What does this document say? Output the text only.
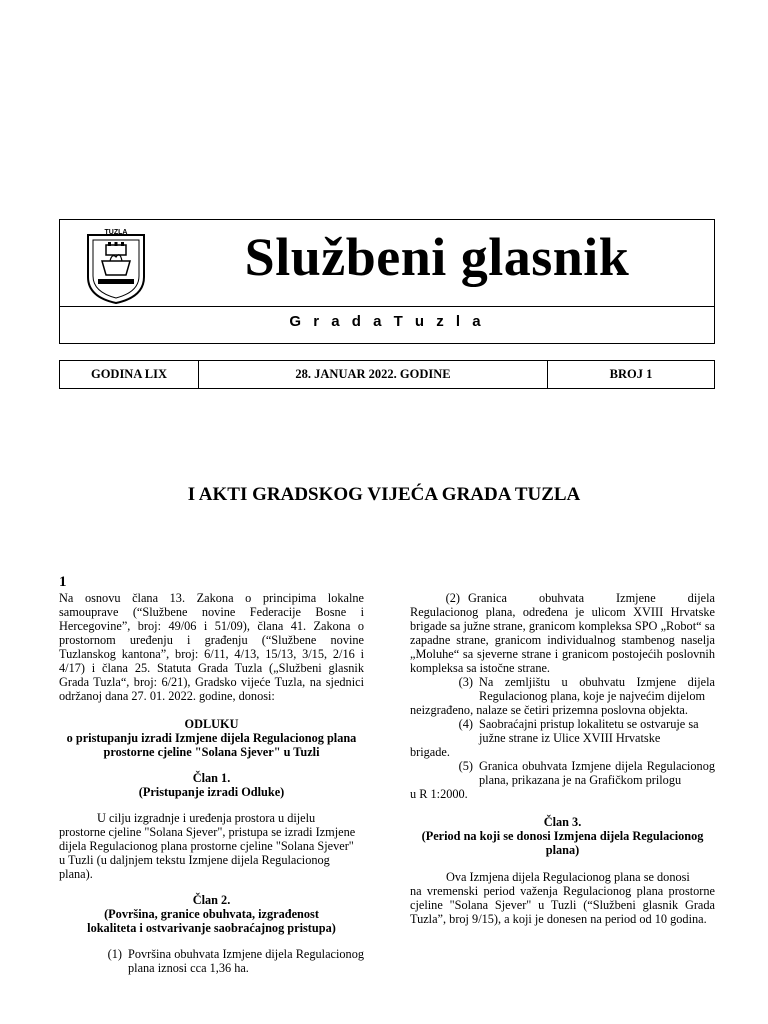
TUZLA	Službeni glasnik
G r a d a T u z l a
GODINA LIX	28. JANUAR 2022. GODINE	BROJ 1
I AKTI GRADSKOG VIJEĆA GRADA TUZLA
1

Na osnovu člana 13. Zakona o principima lokalne samouprave (“Službene novine Federacije Bosne i Hercegovine”, broj: 49/06 i 51/09), člana 41. Zakona o prostornom uređenju i građenju (“Službene novine Tuzlanskog kantona”, broj: 6/11, 4/13, 15/13, 3/15, 2/16 i 4/17) i člana 25. Statuta Grada Tuzla („Službeni glasnik Grada Tuzla“, broj: 6/21), Gradsko vijeće Tuzla, na sjednici održanoj dana 27. 01. 2022. godine, donosi:

ODLUKU
o pristupanju izradi Izmjene dijela Regulacionog plana
prostorne cjeline "Solana Sjever" u Tuzli
Član 1.
(Pristupanje izradi Odluke)
U cilju izgradnje i uređenja prostora u dijelu
prostorne cjeline "Solana Sjever", pristupa se izradi Izmjene dijela Regulacionog plana prostorne cjeline "Solana Sjever" u Tuzli (u daljnjem tekstu Izmjene dijela Regulacionog plana).
Član 2.
(Površina, granice obuhvata, izgrađenost
lokaliteta i ostvarivanje saobraćajnog pristupa)
(1) Površina obuhvata Izmjene dijela Regulacionog plana iznosi cca 1,36 ha.
(2) Granica obuhvata Izmjene dijela

Regulacionog plana, određena je ulicom XVIII Hrvatske brigade sa južne strane, granicom kompleksa SPO „Robot“ sa zapadne strane, granicom individualnog stambenog naselja „Moluhe“ sa sjeverne strane i granicom postojećih poslovnih kompleksa sa istočne strane.

(3) Na zemljištu u obuhvatu Izmjene dijela Regulacionog plana, koje je najvećim dijelom
neizgrađeno, nalaze se četiri prizemna poslovna objekta.
(4) Saobraćajni pristup lokalitetu se ostvaruje sa južne strane iz Ulice XVIII Hrvatske
brigade.
(5) Granica obuhvata Izmjene dijela Regulacionog plana, prikazana je na Grafičkom prilogu
u R 1:2000.
Član 3.
(Period na koji se donosi Izmjena dijela Regulacionog plana)
Ova Izmjena dijela Regulacionog plana se donosi

na vremenski period važenja Regulacionog plana prostorne cjeline "Solana Sjever" u Tuzli (“Službeni glasnik Grada Tuzla”, broj 9/15), a koji je donesen na period od 10 godina.
